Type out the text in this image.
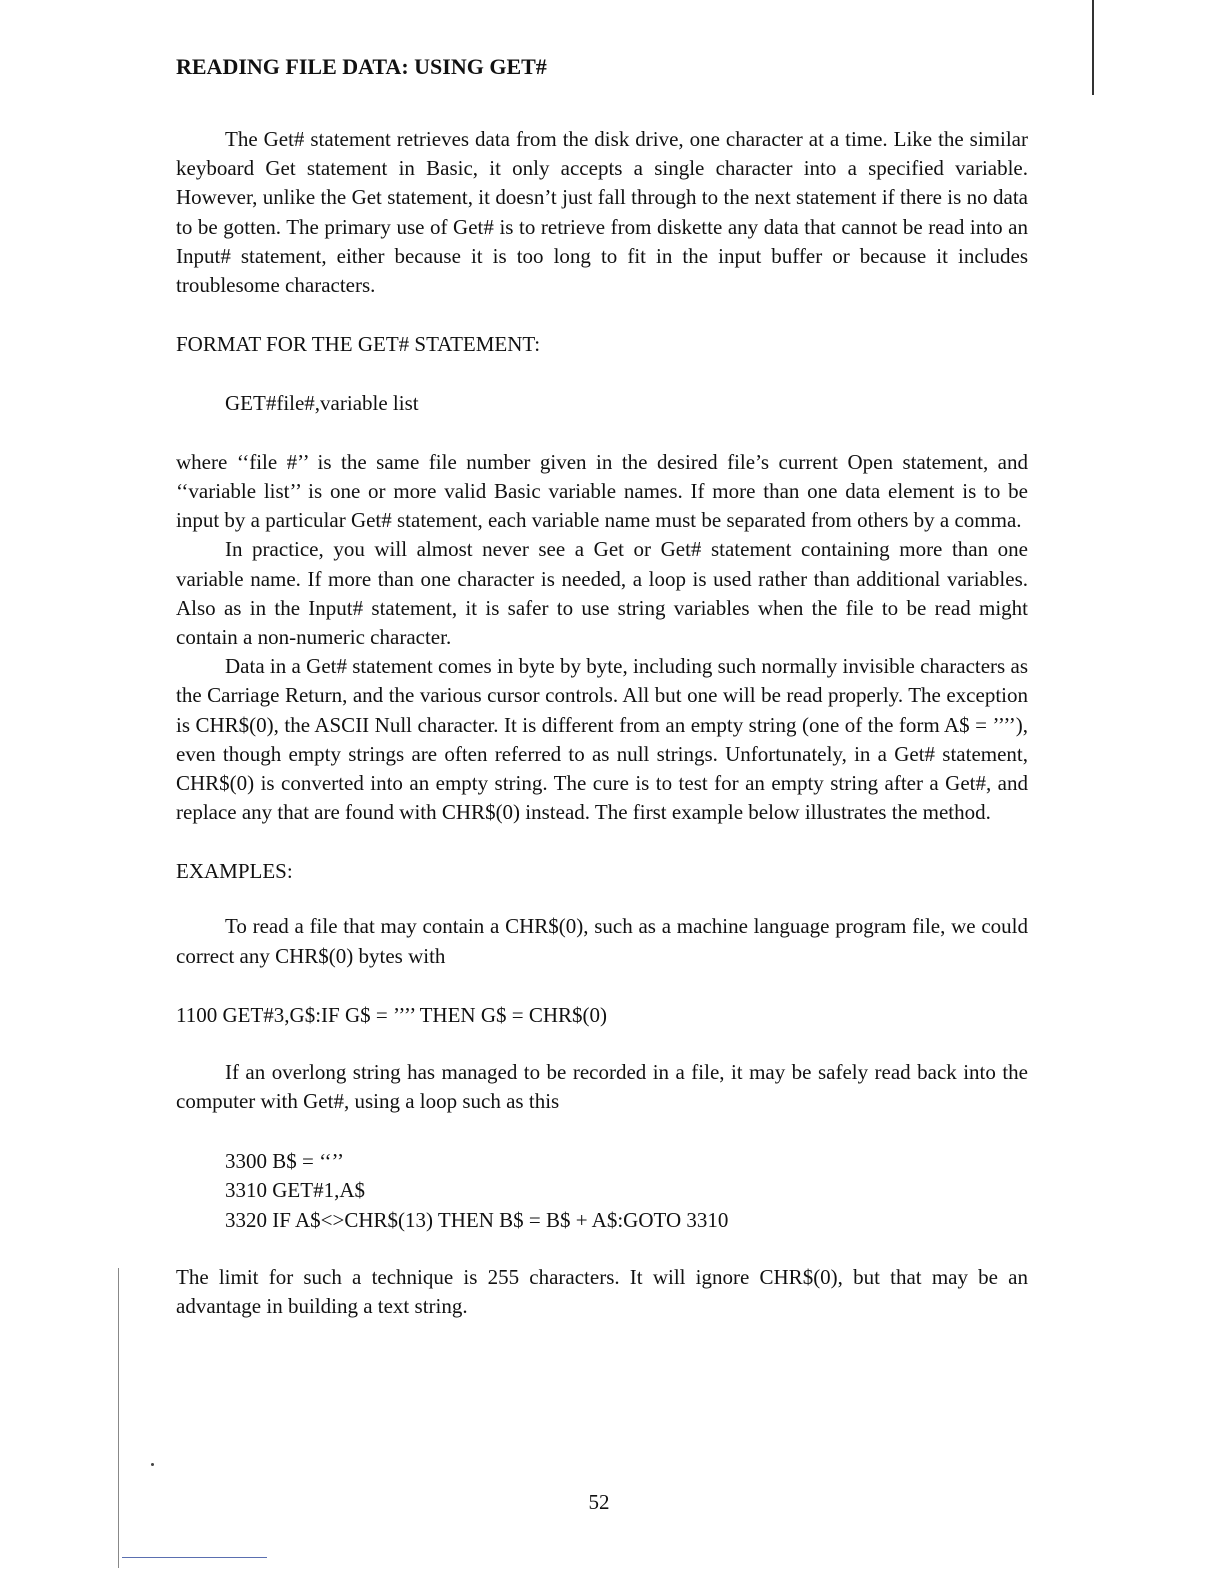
READING FILE DATA: USING GET#

The Get# statement retrieves data from the disk drive, one character at a time. Like the similar keyboard Get statement in Basic, it only accepts a single character into a specified variable. However, unlike the Get statement, it doesn’t just fall through to the next statement if there is no data to be gotten. The primary use of Get# is to retrieve from diskette any data that cannot be read into an Input# statement, either because it is too long to fit in the input buffer or because it includes troublesome characters.

FORMAT FOR THE GET# STATEMENT:

GET#file#,variable list

where ‘‘file #’’ is the same file number given in the desired file’s current Open statement, and ‘‘variable list’’ is one or more valid Basic variable names. If more than one data element is to be input by a particular Get# statement, each variable name must be separated from others by a comma.

In practice, you will almost never see a Get or Get# statement containing more than one variable name. If more than one character is needed, a loop is used rather than additional variables. Also as in the Input# statement, it is safer to use string variables when the file to be read might contain a non-numeric character.

Data in a Get# statement comes in byte by byte, including such normally invisible characters as the Carriage Return, and the various cursor controls. All but one will be read properly. The exception is CHR$(0), the ASCII Null character. It is different from an empty string (one of the form A$ = ’’’’), even though empty strings are often referred to as null strings. Unfortunately, in a Get# statement, CHR$(0) is converted into an empty string. The cure is to test for an empty string after a Get#, and replace any that are found with CHR$(0) instead. The first example below illustrates the method.

EXAMPLES:

To read a file that may contain a CHR$(0), such as a machine language program file, we could correct any CHR$(0) bytes with

1100 GET#3,G$:IF G$ = ’’’’ THEN G$ = CHR$(0)

If an overlong string has managed to be recorded in a file, it may be safely read back into the computer with Get#, using a loop such as this

3300 B$ = ‘‘’’

3310 GET#1,A$

3320 IF A$<>CHR$(13) THEN B$ = B$ + A$:GOTO 3310

The limit for such a technique is 255 characters. It will ignore CHR$(0), but that may be an advantage in building a text string.

52
